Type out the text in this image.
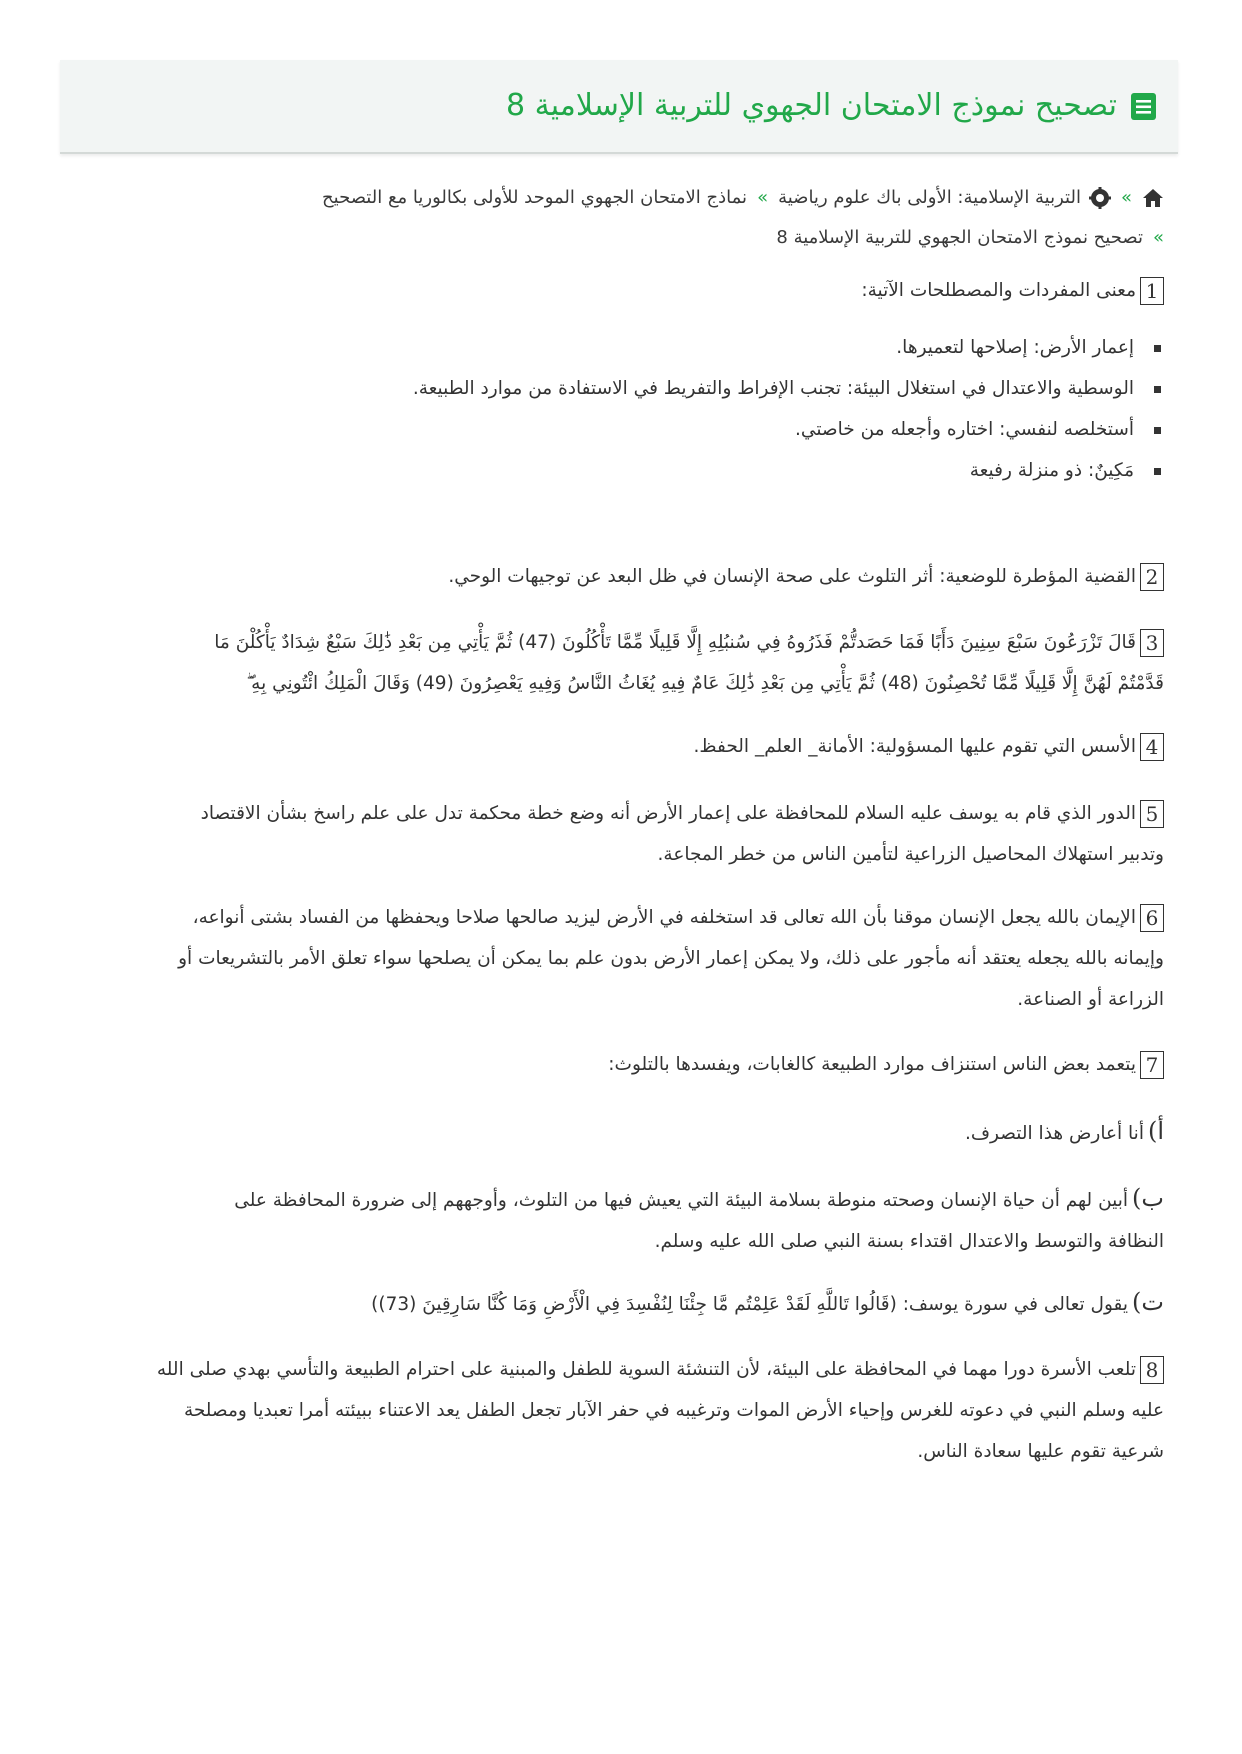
تصحيح نموذج الامتحان الجهوي للتربية الإسلامية 8
»
التربية الإسلامية: الأولى باك علوم رياضية
»
نماذج الامتحان الجهوي الموحد للأولى بكالوريا مع التصحيح
»
تصحيح نموذج الامتحان الجهوي للتربية الإسلامية 8

1معنى المفردات والمصطلحات الآتية:

إعمار الأرض: إصلاحها لتعميرها.
الوسطية والاعتدال في استغلال البيئة: تجنب الإفراط والتفريط في الاستفادة من موارد الطبيعة.
أستخلصه لنفسي: اختاره وأجعله من خاصتي.
مَكِينٌ: ذو منزلة رفيعة

2القضية المؤطرة للوضعية: أثر التلوث على صحة الإنسان في ظل البعد عن توجيهات الوحي.

3قَالَ تَزْرَعُونَ سَبْعَ سِنِينَ دَأَبًا فَمَا حَصَدتُّمْ فَذَرُوهُ فِي سُنبُلِهِ إِلَّا قَلِيلًا مِّمَّا تَأْكُلُونَ (47) ثُمَّ يَأْتِي مِن بَعْدِ ذَٰلِكَ سَبْعٌ شِدَادٌ يَأْكُلْنَ مَا

قَدَّمْتُمْ لَهُنَّ إِلَّا قَلِيلًا مِّمَّا تُحْصِنُونَ (48) ثُمَّ يَأْتِي مِن بَعْدِ ذَٰلِكَ عَامٌ فِيهِ يُغَاثُ النَّاسُ وَفِيهِ يَعْصِرُونَ (49) وَقَالَ الْمَلِكُ ائْتُونِي بِهِ ۖ

4الأسس التي تقوم عليها المسؤولية: الأمانة_ العلم_ الحفظ.

5الدور الذي قام به يوسف عليه السلام للمحافظة على إعمار الأرض أنه وضع خطة محكمة تدل على علم راسخ بشأن الاقتصاد

وتدبير استهلاك المحاصيل الزراعية لتأمين الناس من خطر المجاعة.

6الإيمان بالله يجعل الإنسان موقنا بأن الله تعالى قد استخلفه في الأرض ليزيد صالحها صلاحا ويحفظها من الفساد بشتى أنواعه،

وإيمانه بالله يجعله يعتقد أنه مأجور على ذلك، ولا يمكن إعمار الأرض بدون علم بما يمكن أن يصلحها سواء تعلق الأمر بالتشريعات أو

الزراعة أو الصناعة.

7يتعمد بعض الناس استنزاف موارد الطبيعة كالغابات، ويفسدها بالتلوث:

أ)أنا أعارض هذا التصرف.

ب)أبين لهم أن حياة الإنسان وصحته منوطة بسلامة البيئة التي يعيش فيها من التلوث، وأوجههم إلى ضرورة المحافظة على

النظافة والتوسط والاعتدال اقتداء بسنة النبي صلى الله عليه وسلم.

ت)يقول تعالى في سورة يوسف: (قَالُوا تَاللَّهِ لَقَدْ عَلِمْتُم مَّا جِئْنَا لِنُفْسِدَ فِي الْأَرْضِ وَمَا كُنَّا سَارِقِينَ (73))

8تلعب الأسرة دورا مهما في المحافظة على البيئة، لأن التنشئة السوية للطفل والمبنية على احترام الطبيعة والتأسي بهدي صلى الله

عليه وسلم النبي في دعوته للغرس وإحياء الأرض الموات وترغيبه في حفر الآبار تجعل الطفل يعد الاعتناء ببيئته أمرا تعبديا ومصلحة

شرعية تقوم عليها سعادة الناس.
